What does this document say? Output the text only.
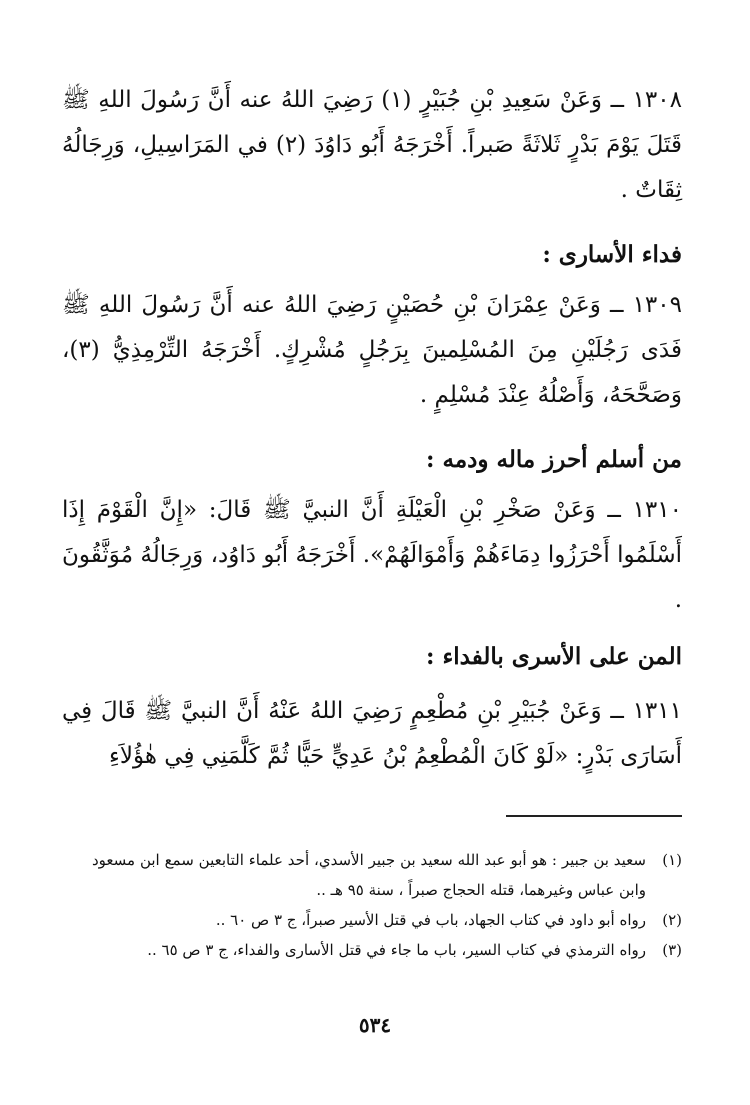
١٣٠٨ ــ وَعَنْ سَعِيدِ بْنِ جُبَيْرٍ (١) رَضِيَ اللهُ عنه أَنَّ رَسُولَ اللهِ ﷺ قَتَلَ يَوْمَ بَدْرٍ ثَلاثَةً صَبراً. أَخْرَجَهُ أَبُو دَاوُدَ (٢) في المَرَاسِيلِ، وَرِجَالُهُ ثِقَاتٌ .

فداء الأسارى :

١٣٠٩ ــ وَعَنْ عِمْرَانَ بْنِ حُصَيْنٍ رَضِيَ اللهُ عنه أَنَّ رَسُولَ اللهِ ﷺ فَدَى رَجُلَيْنِ مِنَ المُسْلِمينَ بِرَجُلٍ مُشْرِكٍ. أَخْرَجَهُ التِّرْمِذِيُّ (٣)، وَصَحَّحَهُ، وَأَصْلُهُ عِنْدَ مُسْلِمٍ .

من أسلم أحرز ماله ودمه :

١٣١٠ ــ وَعَنْ صَخْرِ بْنِ الْعَيْلَةِ أَنَّ النبيَّ ﷺ قَالَ: «إِنَّ الْقَوْمَ إِذَا أَسْلَمُوا أَحْرَزُوا دِمَاءَهُمْ وَأَمْوَالَهُمْ». أَخْرَجَهُ أَبُو دَاوُد، وَرِجَالُهُ مُوَثَّقُونَ .

المن على الأسرى بالفداء :

١٣١١ ــ وَعَنْ جُبَيْرِ بْنِ مُطْعِمٍ رَضِيَ اللهُ عَنْهُ أَنَّ النبيَّ ﷺ قَالَ فِي أَسَارَى بَدْرٍ: «لَوْ كَانَ الْمُطْعِمُ بْنُ عَدِيٍّ حَيًّا ثُمَّ كَلَّمَنِي فِي هٰؤُلاَءِ

(١)
سعيد بن جبير : هو أبو عبد الله سعيد بن جبير الأسدي، أحد علماء التابعين سمع ابن مسعود وابن عباس وغيرهما، قتله الحجاج صبراً ، سنة ٩٥ هـ ..
(٢)
رواه أبو داود في كتاب الجهاد، باب في قتل الأسير صبراً، ج ٣ ص ٦٠ ..
(٣)
رواه الترمذي في كتاب السير، باب ما جاء في قتل الأسارى والفداء، ج ٣ ص ٦٥ ..
٥٣٤
